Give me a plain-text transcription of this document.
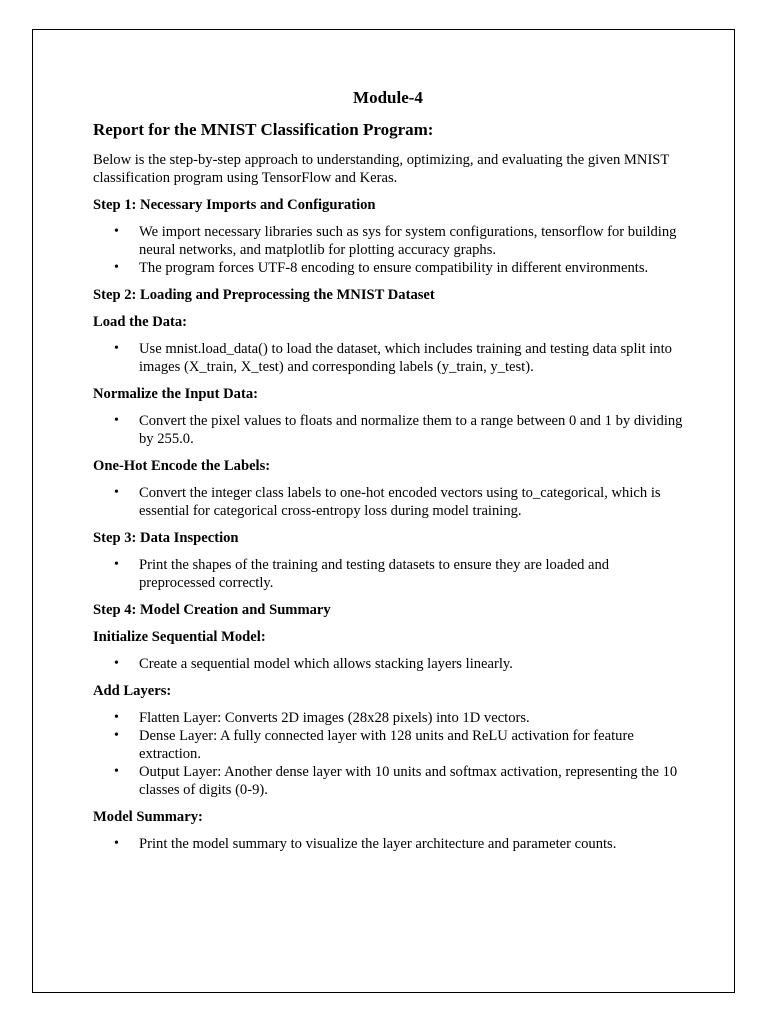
Module-4
Report for the MNIST Classification Program:

Below is the step-by-step approach to understanding, optimizing, and evaluating the given MNIST classification program using TensorFlow and Keras.

Step 1: Necessary Imports and Configuration
• We import necessary libraries such as sys for system configurations, tensorflow for building neural networks, and matplotlib for plotting accuracy graphs.
• The program forces UTF-8 encoding to ensure compatibility in different environments.
Step 2: Loading and Preprocessing the MNIST Dataset
Load the Data:
• Use mnist.load_data() to load the dataset, which includes training and testing data split into images (X_train, X_test) and corresponding labels (y_train, y_test).
Normalize the Input Data:
• Convert the pixel values to floats and normalize them to a range between 0 and 1 by dividing by 255.0.
One-Hot Encode the Labels:
• Convert the integer class labels to one-hot encoded vectors using to_categorical, which is essential for categorical cross-entropy loss during model training.
Step 3: Data Inspection
• Print the shapes of the training and testing datasets to ensure they are loaded and preprocessed correctly.
Step 4: Model Creation and Summary
Initialize Sequential Model:
• Create a sequential model which allows stacking layers linearly.
Add Layers:
• Flatten Layer: Converts 2D images (28x28 pixels) into 1D vectors.
• Dense Layer: A fully connected layer with 128 units and ReLU activation for feature extraction.
• Output Layer: Another dense layer with 10 units and softmax activation, representing the 10 classes of digits (0-9).
Model Summary:
• Print the model summary to visualize the layer architecture and parameter counts.
